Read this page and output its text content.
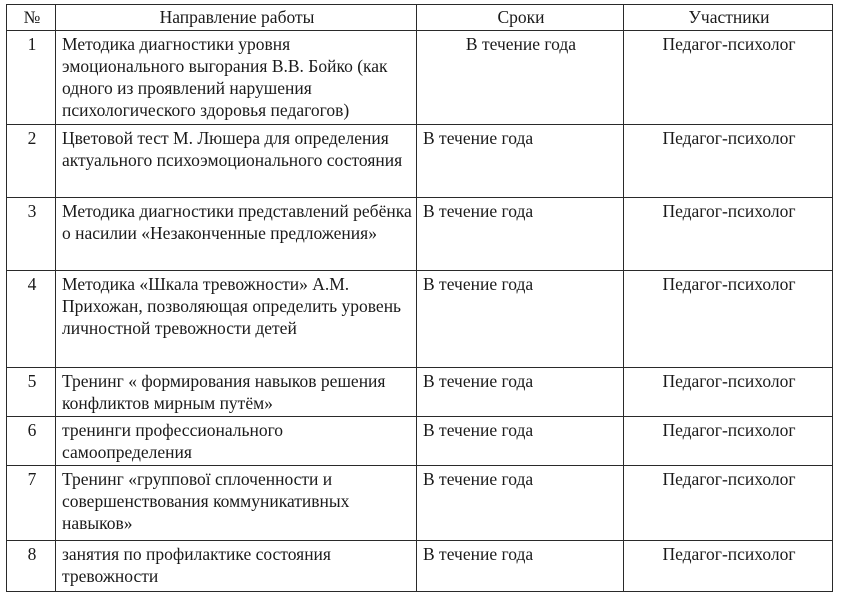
№	Направление работы	Сроки	Участники
1	Методика диагностики уровня эмоционального выгорания В.В. Бойко (как одного из проявлений нарушения психологического здоровья педагогов)	В течение года	Педагог-психолог
2	Цветовой тест М. Люшера для определения актуального психоэмоционального состояния	В течение года	Педагог-психолог
3	Методика диагностики представлений ребёнка о насилии «Незаконченные предложения»	В течение года	Педагог-психолог
4	Методика «Шкала тревожности» А.М. Прихожан, позволяющая определить уровень личностной тревожности детей	В течение года	Педагог-психолог
5	Тренинг « формирования навыков решения конфликтов мирным путём»	В течение года	Педагог-психолог
6	тренинги профессионального самоопределения	В течение года	Педагог-психолог
7	Тренинг «группової сплоченности и совершенствования коммуникативных навыков»	В течение года	Педагог-психолог
8	занятия по профилактике состояния тревожности	В течение года	Педагог-психолог
